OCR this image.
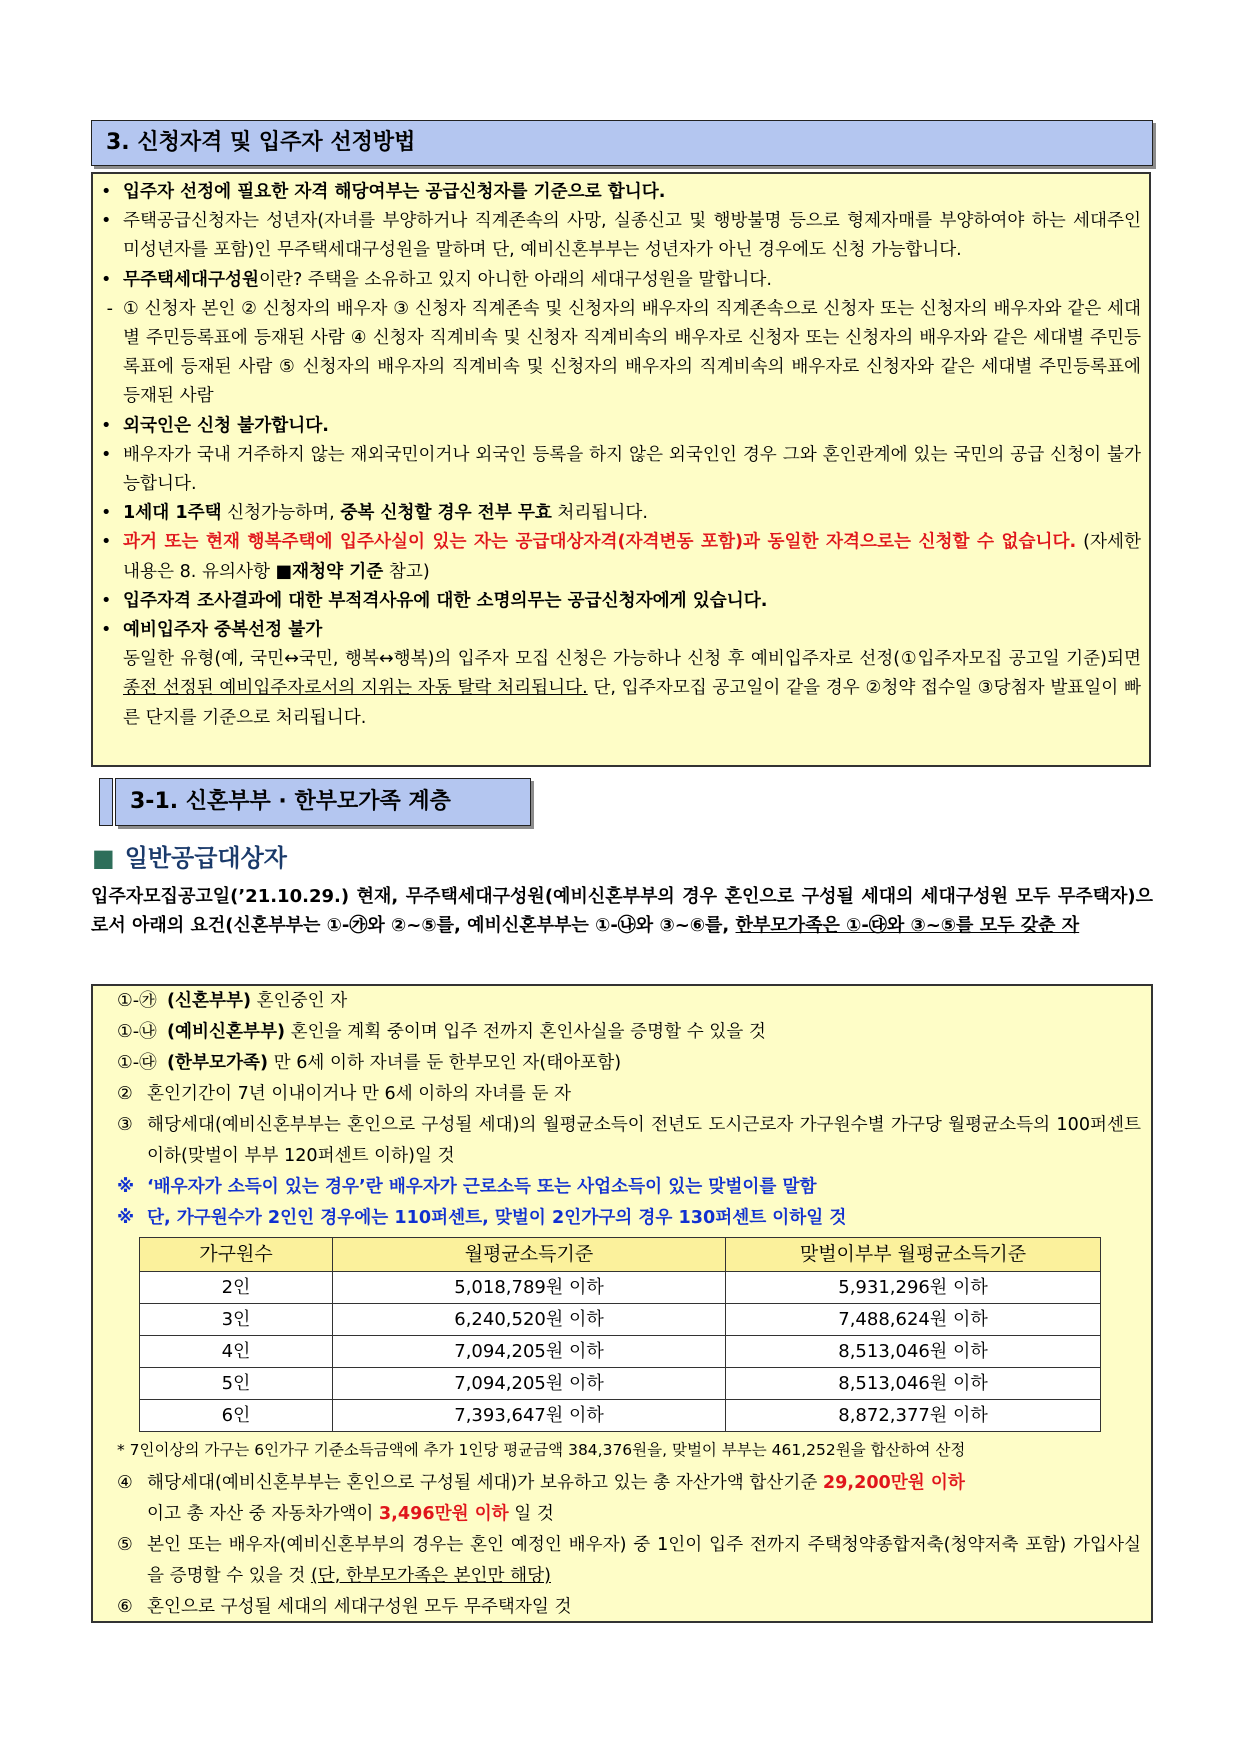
3. 신청자격 및 입주자 선정방법
• 입주자 선정에 필요한 자격 해당여부는 공급신청자를 기준으로 합니다.
• 주택공급신청자는 성년자(자녀를 부양하거나 직계존속의 사망, 실종신고 및 행방불명 등으로 형제자매를 부양하여야 하는 세대주인 미성년자를 포함)인 무주택세대구성원을 말하며 단, 예비신혼부부는 성년자가 아닌 경우에도 신청 가능합니다.
• 무주택세대구성원이란? 주택을 소유하고 있지 아니한 아래의 세대구성원을 말합니다.
- ① 신청자 본인 ② 신청자의 배우자 ③ 신청자 직계존속 및 신청자의 배우자의 직계존속으로 신청자 또는 신청자의 배우자와 같은 세대별 주민등록표에 등재된 사람 ④ 신청자 직계비속 및 신청자 직계비속의 배우자로 신청자 또는 신청자의 배우자와 같은 세대별 주민등록표에 등재된 사람 ⑤ 신청자의 배우자의 직계비속 및 신청자의 배우자의 직계비속의 배우자로 신청자와 같은 세대별 주민등록표에 등재된 사람
• 외국인은 신청 불가합니다.
• 배우자가 국내 거주하지 않는 재외국민이거나 외국인 등록을 하지 않은 외국인인 경우 그와 혼인관계에 있는 국민의 공급 신청이 불가능합니다.
• 1세대 1주택 신청가능하며, 중복 신청할 경우 전부 무효 처리됩니다.
• 과거 또는 현재 행복주택에 입주사실이 있는 자는 공급대상자격(자격변동 포함)과 동일한 자격으로는 신청할 수 없습니다. (자세한 내용은 8. 유의사항 ■재청약 기준 참고)
• 입주자격 조사결과에 대한 부적격사유에 대한 소명의무는 공급신청자에게 있습니다.
• 예비입주자 중복선정 불가
동일한 유형(예, 국민↔국민, 행복↔행복)의 입주자 모집 신청은 가능하나 신청 후 예비입주자로 선정(①입주자모집 공고일 기준)되면 종전 선정된 예비입주자로서의 지위는 자동 탈락 처리됩니다. 단, 입주자모집 공고일이 같을 경우 ②청약 접수일 ③당첨자 발표일이 빠른 단지를 기준으로 처리됩니다.
3-1. 신혼부부 · 한부모가족 계층
■ 일반공급대상자
입주자모집공고일(’21.10.29.) 현재, 무주택세대구성원(예비신혼부부의 경우 혼인으로 구성될 세대의 세대구성원 모두 무주택자)으로서 아래의 요건(신혼부부는 ①-㉮와 ②~⑤를, 예비신혼부부는 ①-㉯와 ③~⑥를, 한부모가족은 ①-㉰와 ③~⑤를 모두 갖춘 자
①-㉮ (신혼부부) 혼인중인 자
①-㉯ (예비신혼부부) 혼인을 계획 중이며 입주 전까지 혼인사실을 증명할 수 있을 것
①-㉰ (한부모가족) 만 6세 이하 자녀를 둔 한부모인 자(태아포함)
② 혼인기간이 7년 이내이거나 만 6세 이하의 자녀를 둔 자
③ 해당세대(예비신혼부부는 혼인으로 구성될 세대)의 월평균소득이 전년도 도시근로자 가구원수별 가구당 월평균소득의 100퍼센트 이하(맞벌이 부부 120퍼센트 이하)일 것
※ ‘배우자가 소득이 있는 경우’란 배우자가 근로소득 또는 사업소득이 있는 맞벌이를 말함
※ 단, 가구원수가 2인인 경우에는 110퍼센트, 맞벌이 2인가구의 경우 130퍼센트 이하일 것
가구원수	월평균소득기준	맞벌이부부 월평균소득기준
2인	5,018,789원 이하	5,931,296원 이하
3인	6,240,520원 이하	7,488,624원 이하
4인	7,094,205원 이하	8,513,046원 이하
5인	7,094,205원 이하	8,513,046원 이하
6인	7,393,647원 이하	8,872,377원 이하
* 7인이상의 가구는 6인가구 기준소득금액에 추가 1인당 평균금액 384,376원을, 맞벌이 부부는 461,252원을 합산하여 산정
④ 해당세대(예비신혼부부는 혼인으로 구성될 세대)가 보유하고 있는 총 자산가액 합산기준 29,200만원 이하
이고 총 자산 중 자동차가액이 3,496만원 이하 일 것
⑤ 본인 또는 배우자(예비신혼부부의 경우는 혼인 예정인 배우자) 중 1인이 입주 전까지 주택청약종합저축(청약저축 포함) 가입사실을 증명할 수 있을 것 (단, 한부모가족은 본인만 해당)
⑥ 혼인으로 구성될 세대의 세대구성원 모두 무주택자일 것
